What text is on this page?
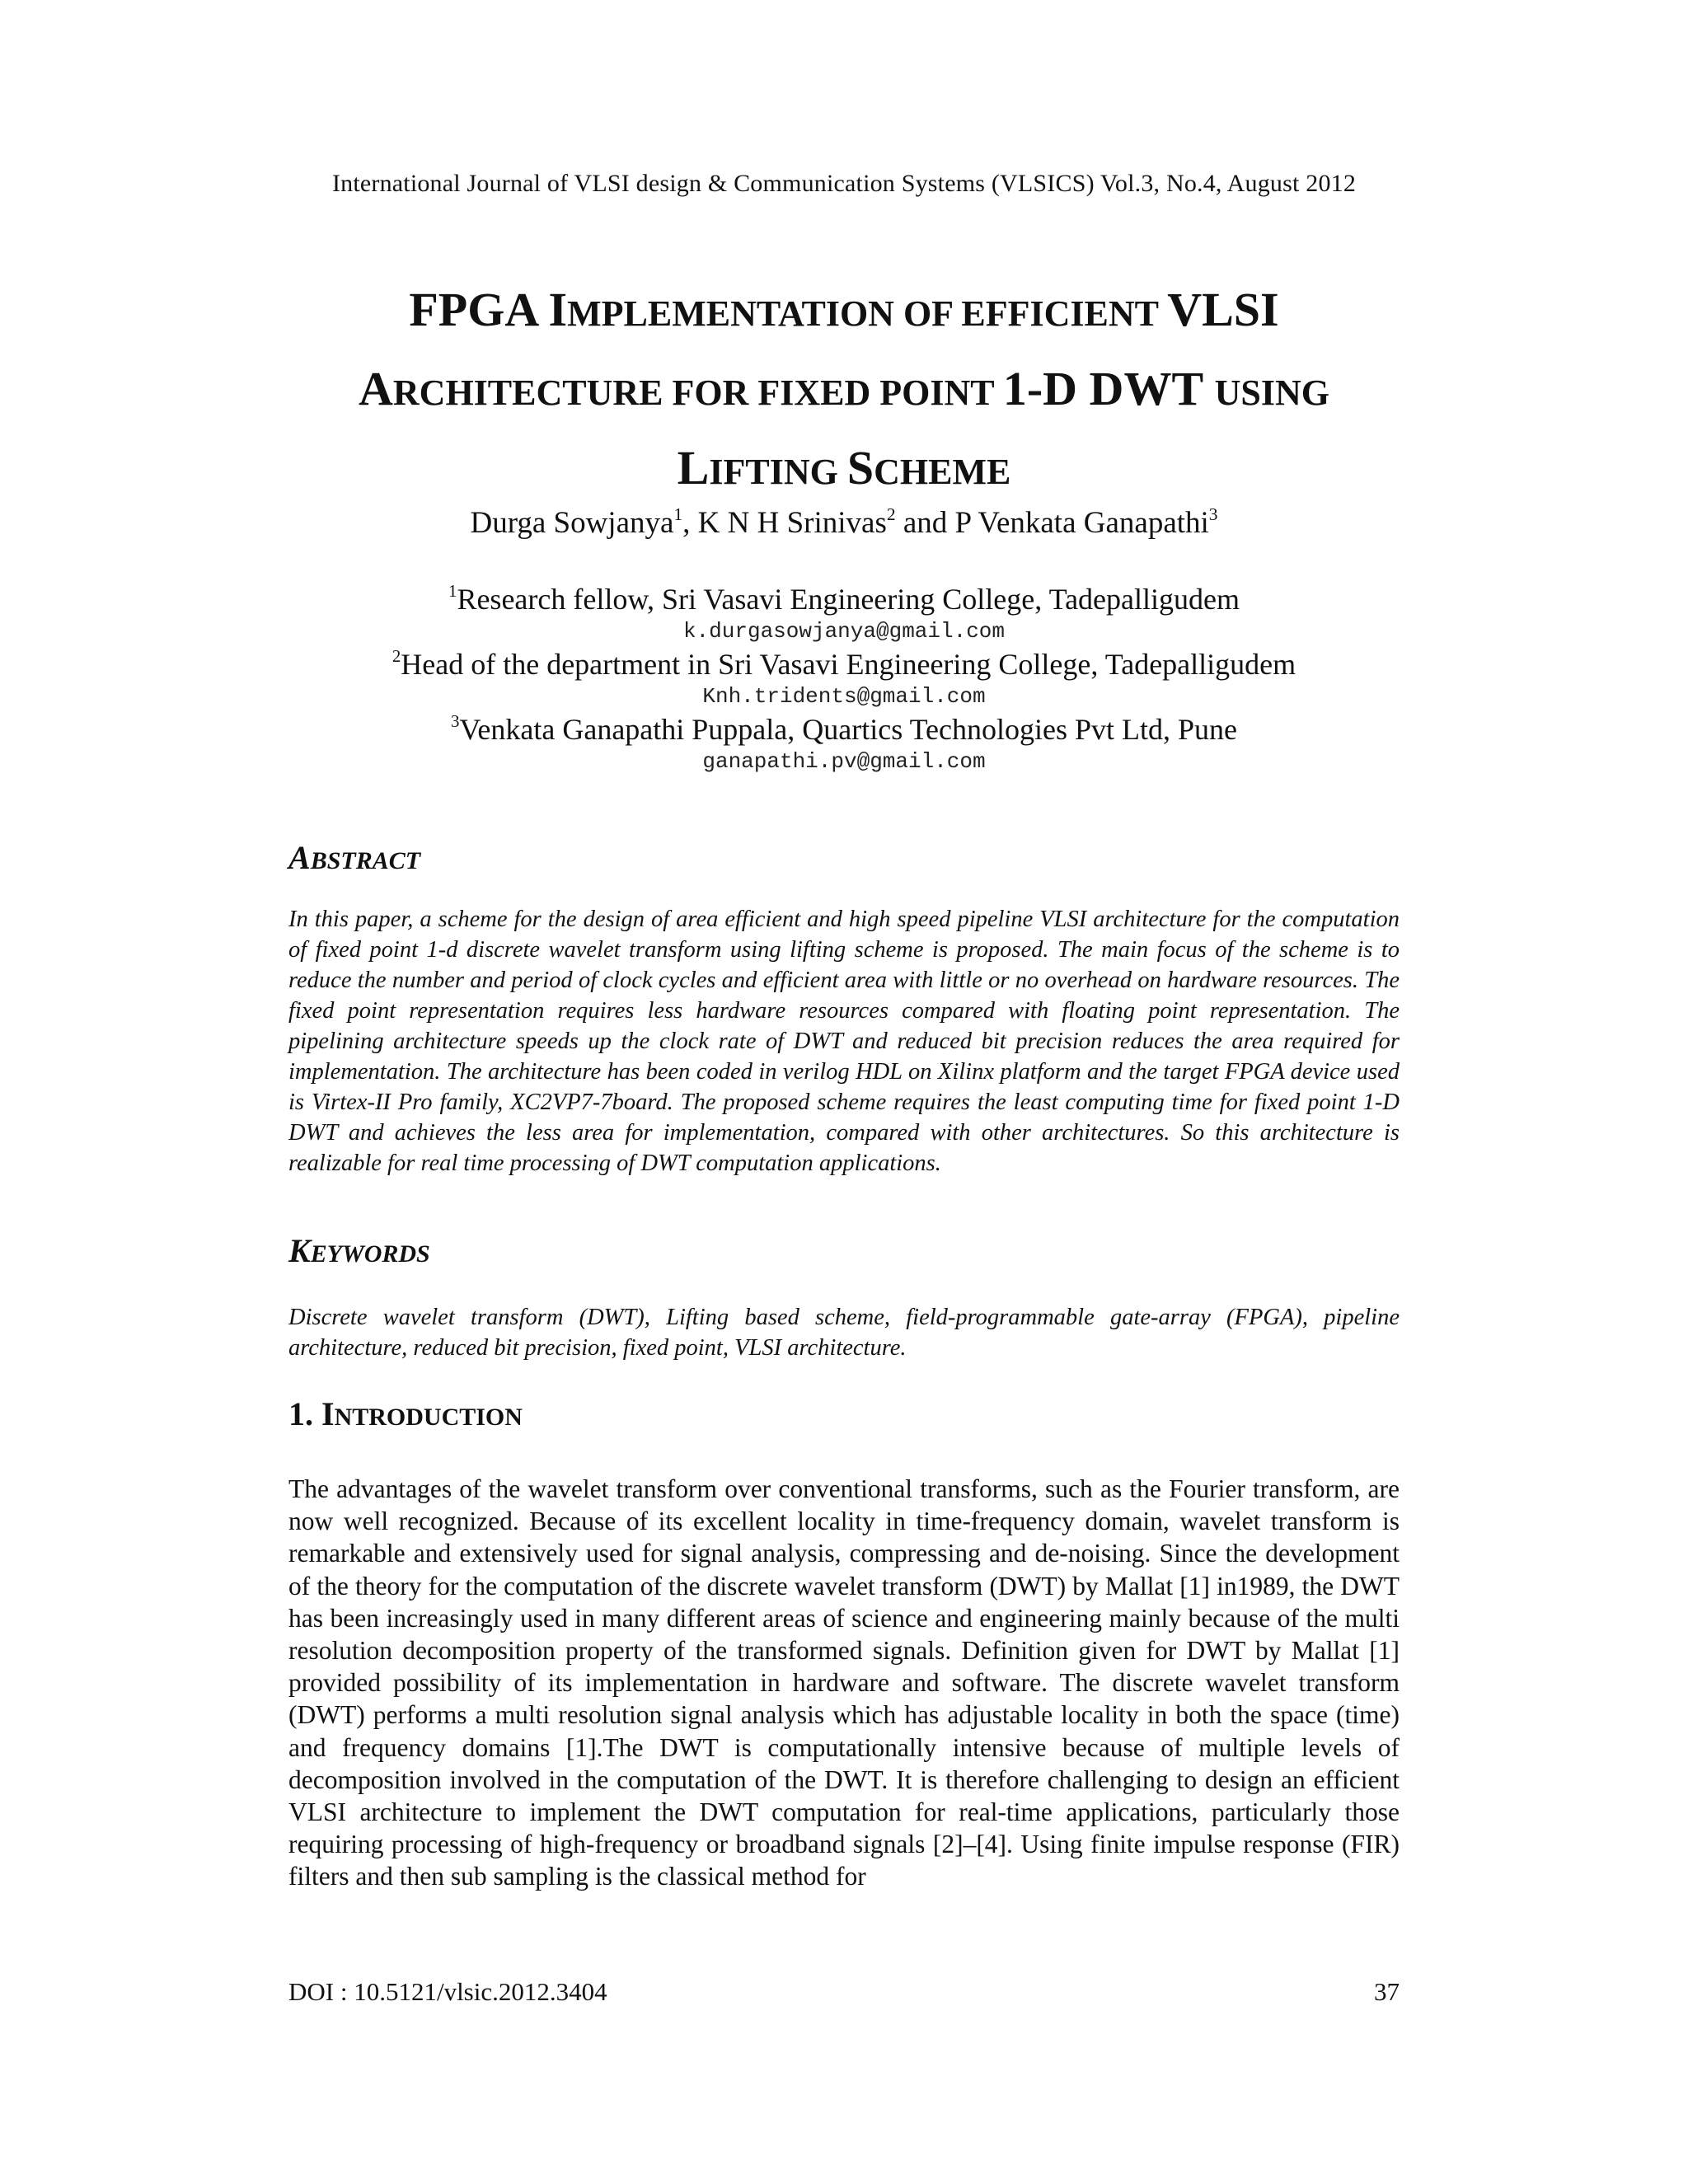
International Journal of VLSI design & Communication Systems (VLSICS) Vol.3, No.4, August 2012
FPGA IMPLEMENTATION OF EFFICIENT VLSI
ARCHITECTURE FOR FIXED POINT 1-D DWT USING
LIFTING SCHEME
Durga Sowjanya$^1$, K N H Srinivas$^2$ and P Venkata Ganapathi$^3$
$^1$Research fellow, Sri Vasavi Engineering College, Tadepalligudem
k.durgasowjanya@gmail.com
$^2$Head of the department in Sri Vasavi Engineering College, Tadepalligudem
Knh.tridents@gmail.com
$^3$Venkata Ganapathi Puppala, Quartics Technologies Pvt Ltd, Pune
ganapathi.pv@gmail.com
ABSTRACT
In this paper, a scheme for the design of area efficient and high speed pipeline VLSI architecture for the computation of fixed point 1-d discrete wavelet transform using lifting scheme is proposed. The main focus of the scheme is to reduce the number and period of clock cycles and efficient area with little or no overhead on hardware resources. The fixed point representation requires less hardware resources compared with floating point representation. The pipelining architecture speeds up the clock rate of DWT and reduced bit precision reduces the area required for implementation. The architecture has been coded in verilog HDL on Xilinx platform and the target FPGA device used is Virtex-II Pro family, XC2VP7-7board. The proposed scheme requires the least computing time for fixed point 1-D DWT and achieves the less area for implementation, compared with other architectures. So this architecture is realizable for real time processing of DWT computation applications.
KEYWORDS
Discrete wavelet transform (DWT), Lifting based scheme, field-programmable gate-array (FPGA), pipeline architecture, reduced bit precision, fixed point, VLSI architecture.
1. INTRODUCTION
The advantages of the wavelet transform over conventional transforms, such as the Fourier transform, are now well recognized. Because of its excellent locality in time-frequency domain, wavelet transform is remarkable and extensively used for signal analysis, compressing and de-noising. Since the development of the theory for the computation of the discrete wavelet transform (DWT) by Mallat [1] in1989, the DWT has been increasingly used in many different areas of science and engineering mainly because of the multi resolution decomposition property of the transformed signals. Definition given for DWT by Mallat [1] provided possibility of its implementation in hardware and software. The discrete wavelet transform (DWT) performs a multi resolution signal analysis which has adjustable locality in both the space (time) and frequency domains [1].The DWT is computationally intensive because of multiple levels of decomposition involved in the computation of the DWT. It is therefore challenging to design an efficient VLSI architecture to implement the DWT computation for real-time applications, particularly those requiring processing of high-frequency or broadband signals [2]–[4]. Using finite impulse response (FIR) filters and then sub sampling is the classical method for
DOI : 10.5121/vlsic.2012.3404	37
